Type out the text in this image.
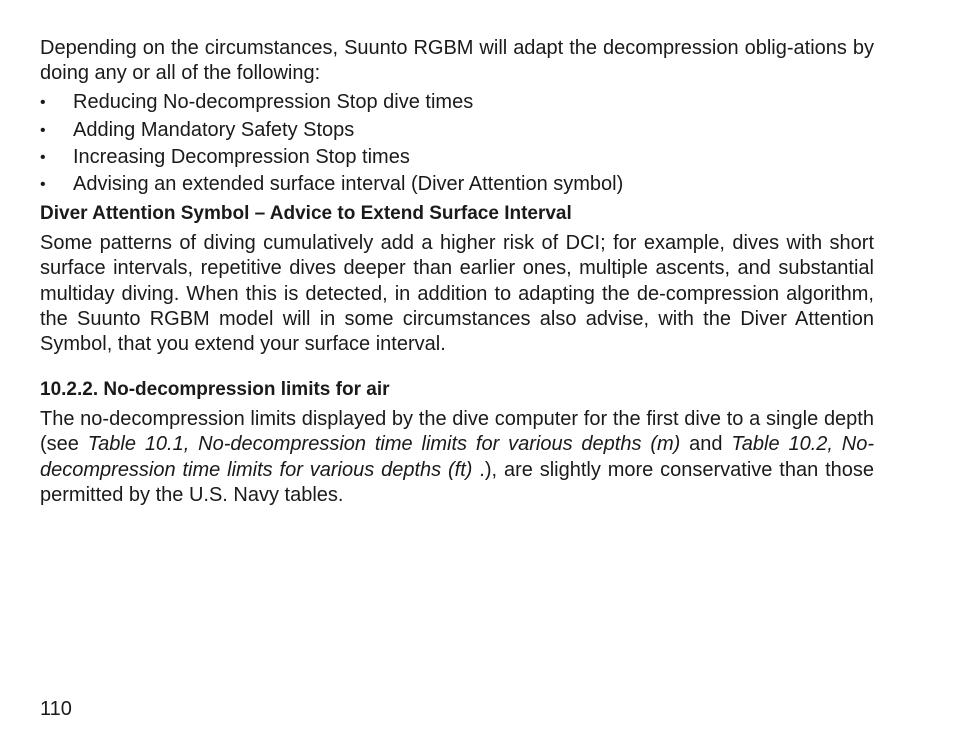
Depending on the circumstances, Suunto RGBM will adapt the decompression oblig-ations by doing any or all of the following:

• Reducing No-decompression Stop dive times
• Adding Mandatory Safety Stops
• Increasing Decompression Stop times
• Advising an extended surface interval (Diver Attention symbol)
Diver Attention Symbol – Advice to Extend Surface Interval

Some patterns of diving cumulatively add a higher risk of DCI; for example, dives with short surface intervals, repetitive dives deeper than earlier ones, multiple ascents, and substantial multiday diving. When this is detected, in addition to adapting the de-compression algorithm, the Suunto RGBM model will in some circumstances also advise, with the Diver Attention Symbol, that you extend your surface interval.

10.2.2. No-decompression limits for air

The no-decompression limits displayed by the dive computer for the first dive to a single depth (see Table 10.1, No-decompression time limits for various depths (m) and Table 10.2, No-decompression time limits for various depths (ft) .), are slightly more conservative than those permitted by the U.S. Navy tables.

110
